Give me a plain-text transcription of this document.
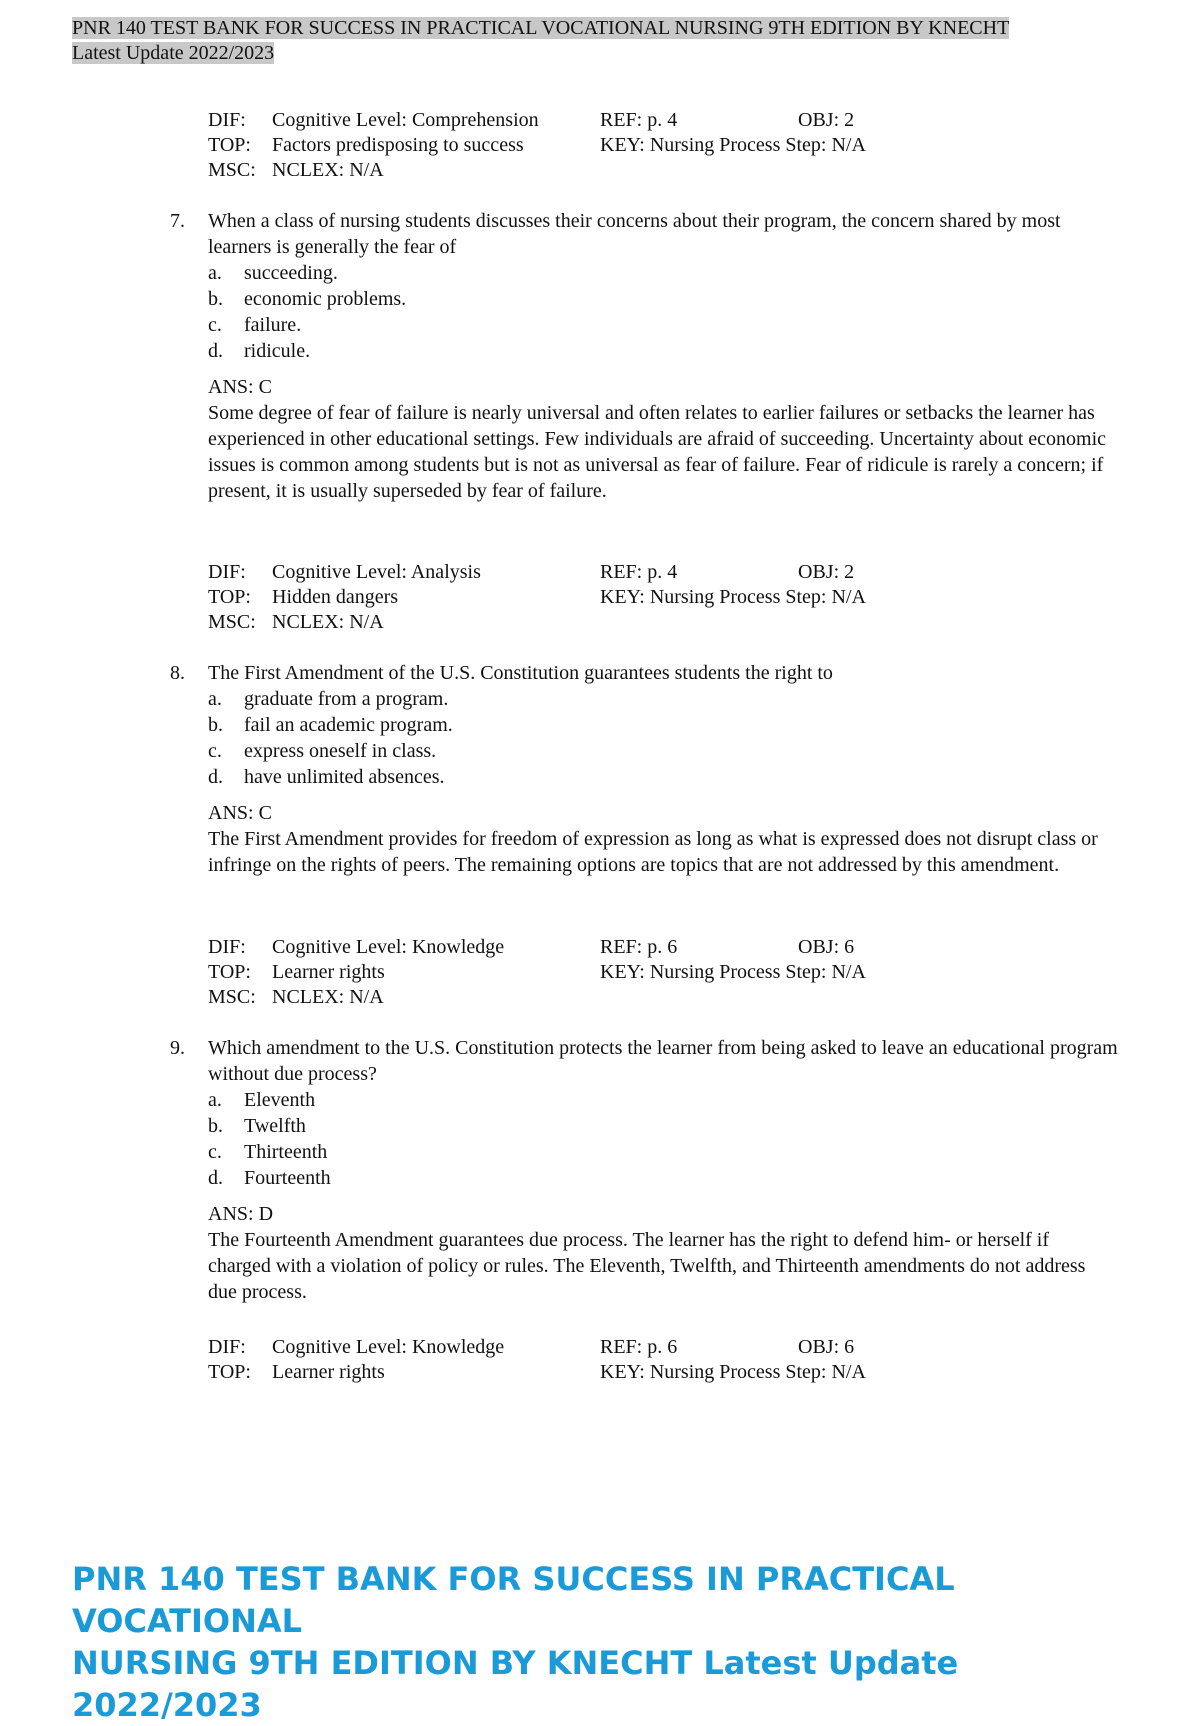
PNR 140 TEST BANK FOR SUCCESS IN PRACTICAL VOCATIONAL NURSING 9TH EDITION BY KNECHT
Latest Update 2022/2023
DIF: Cognitive Level: Comprehension	REF: p. 4	OBJ: 2
TOP: Factors predisposing to success	KEY: Nursing Process Step: N/A
MSC: NCLEX: N/A
7. When a class of nursing students discusses their concerns about their program, the concern shared by most learners is generally the fear of
a. succeeding.
b. economic problems.
c. failure.
d. ridicule.
ANS: C
Some degree of fear of failure is nearly universal and often relates to earlier failures or setbacks the learner has experienced in other educational settings. Few individuals are afraid of succeeding. Uncertainty about economic issues is common among students but is not as universal as fear of failure. Fear of ridicule is rarely a concern; if present, it is usually superseded by fear of failure.
DIF: Cognitive Level: Analysis	REF: p. 4	OBJ: 2
TOP: Hidden dangers	KEY: Nursing Process Step: N/A
MSC: NCLEX: N/A
8. The First Amendment of the U.S. Constitution guarantees students the right to
a. graduate from a program.
b. fail an academic program.
c. express oneself in class.
d. have unlimited absences.
ANS: C
The First Amendment provides for freedom of expression as long as what is expressed does not disrupt class or infringe on the rights of peers. The remaining options are topics that are not addressed by this amendment.
DIF: Cognitive Level: Knowledge	REF: p. 6	OBJ: 6
TOP: Learner rights	KEY: Nursing Process Step: N/A
MSC: NCLEX: N/A
9. Which amendment to the U.S. Constitution protects the learner from being asked to leave an educational program without due process?
a. Eleventh
b. Twelfth
c. Thirteenth
d. Fourteenth
ANS: D
The Fourteenth Amendment guarantees due process. The learner has the right to defend him- or herself if charged with a violation of policy or rules. The Eleventh, Twelfth, and Thirteenth amendments do not address due process.
DIF: Cognitive Level: Knowledge	REF: p. 6	OBJ: 6
TOP: Learner rights	KEY: Nursing Process Step: N/A
PNR 140 TEST BANK FOR SUCCESS IN PRACTICAL VOCATIONAL
NURSING 9TH EDITION BY KNECHT Latest Update 2022/2023
